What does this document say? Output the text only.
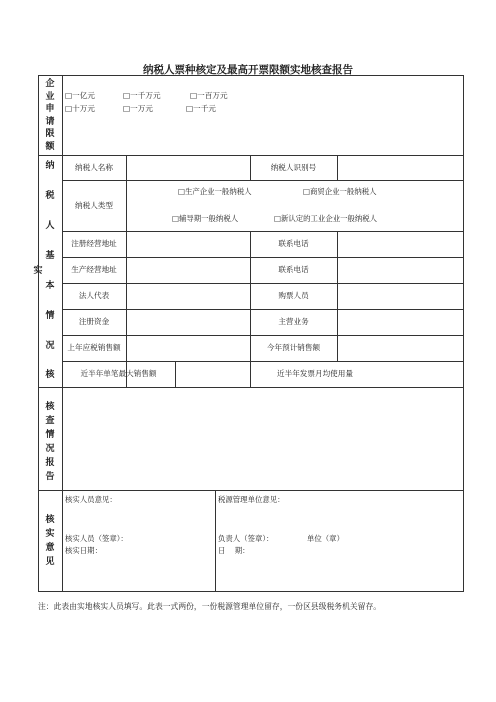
纳税人票种核定及最高开票限额实地核查报告
企
业
申
请
限
额
□一亿元	□一千万元	□一百万元
□十万元	□一万元	□一千元
纳
税
人
基
本
情
况
核
实
纳税人名称	纳税人识别号
纳税人类型
□生产企业一般纳税人	□商贸企业一般纳税人
□辅导期一般纳税人	□新认定的工业企业一般纳税人
注册经营地址	联系电话
生产经营地址	联系电话
法人代表	购票人员
注册资金	主营业务
上年应税销售额	今年预计销售额
近半年单笔最大销售额	近半年发票月均使用量
核
查
情
况
报
告
核
实
意
见
核实人员意见：
核实人员（签章）：
核实日期：
税源管理单位意见：
负责人（签章）：	单位（章）
日    期：
注：此表由实地核实人员填写。此表一式两份，一份税源管理单位留存，一份区县级税务机关留存。
